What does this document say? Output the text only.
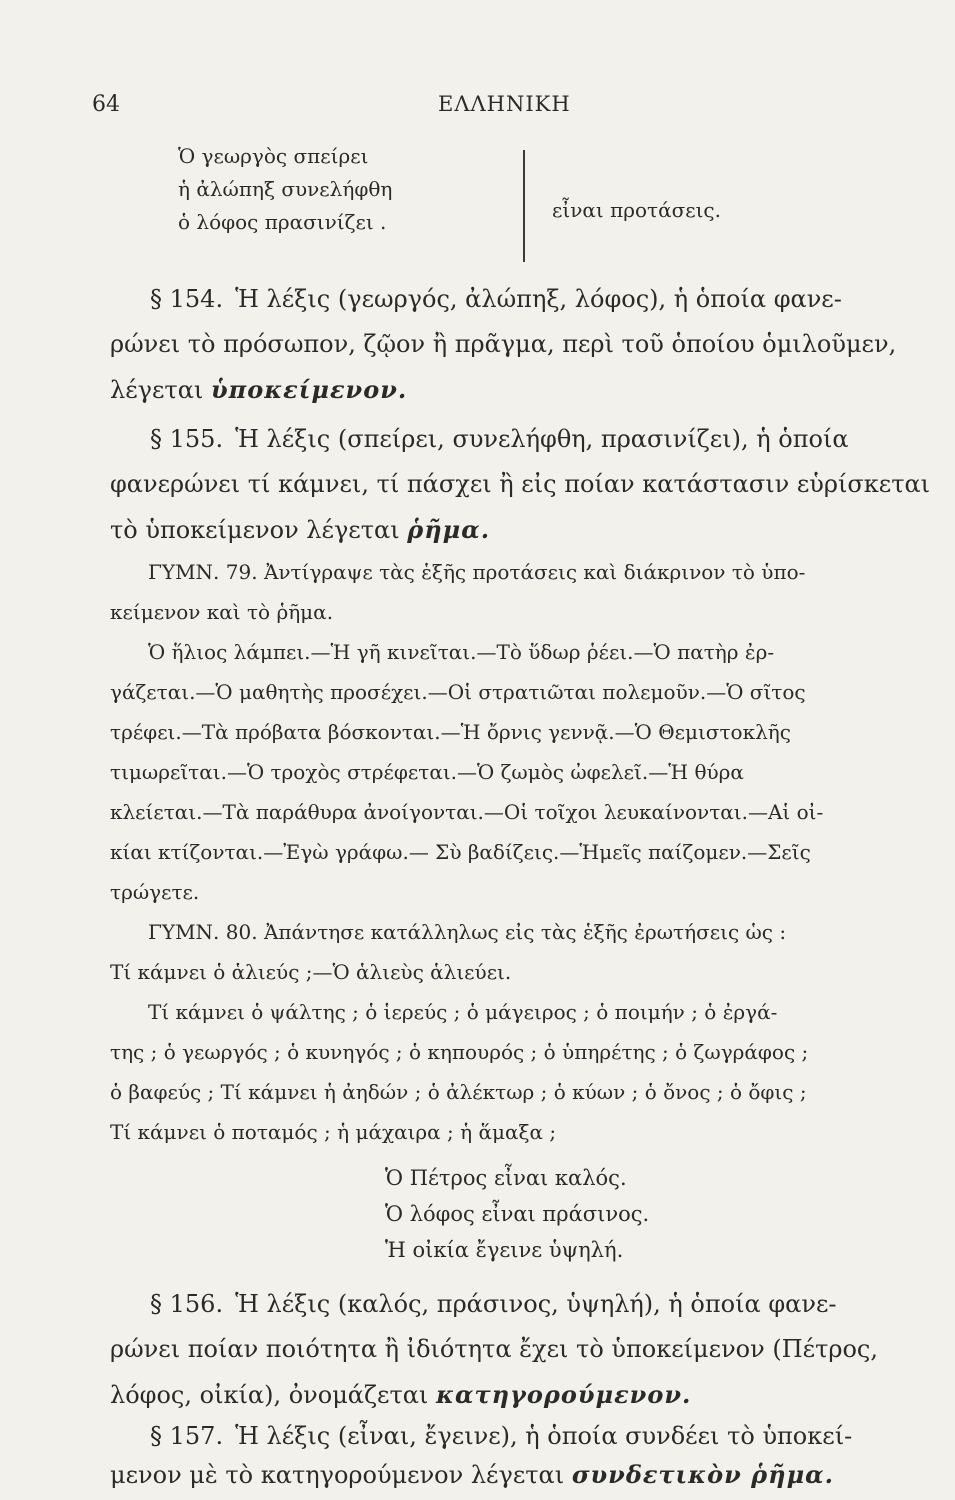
64	ΕΛΛΗΝΙΚΗ
Ὁ γεωργὸς σπείρει
ἡ ἀλώπηξ συνελήφθη
ὁ λόφος πρασινίζει .	εἶναι προτάσεις.
§ 154. Ἡ λέξις (γεωργός, ἀλώπηξ, λόφος), ἡ ὁποία φανε-
ρώνει τὸ πρόσωπον, ζῷον ἢ πρᾶγμα, περὶ τοῦ ὁποίου ὁμιλοῦμεν,
λέγεται ὑποκείμενον.
§ 155. Ἡ λέξις (σπείρει, συνελήφθη, πρασινίζει), ἡ ὁποία
φανερώνει τί κάμνει, τί πάσχει ἢ εἰς ποίαν κατάστασιν εὑρίσκεται
τὸ ὑποκείμενον λέγεται ῥῆμα.
ΓΥΜΝ. 79. Ἀντίγραψε τὰς ἑξῆς προτάσεις καὶ διάκρινον τὸ ὑπο-
κείμενον καὶ τὸ ῥῆμα.
Ὁ ἥλιος λάμπει.—Ἡ γῆ κινεῖται.—Τὸ ὕδωρ ῥέει.—Ὁ πατὴρ ἐρ-
γάζεται.—Ὁ μαθητὴς προσέχει.—Οἱ στρατιῶται πολεμοῦν.—Ὁ σῖτος
τρέφει.—Τὰ πρόβατα βόσκονται.—Ἡ ὄρνις γεννᾷ.—Ὁ Θεμιστοκλῆς
τιμωρεῖται.—Ὁ τροχὸς στρέφεται.—Ὁ ζωμὸς ὠφελεῖ.—Ἡ θύρα
κλείεται.—Τὰ παράθυρα ἀνοίγονται.—Οἱ τοῖχοι λευκαίνονται.—Αἱ οἰ-
κίαι κτίζονται.—Ἐγὼ γράφω.— Σὺ βαδίζεις.—Ἡμεῖς παίζομεν.—Σεῖς
τρώγετε.
ΓΥΜΝ. 80. Ἀπάντησε κατάλληλως εἰς τὰς ἑξῆς ἐρωτήσεις ὡς :
Τί κάμνει ὁ ἁλιεύς ;—Ὁ ἁλιεὺς ἁλιεύει.
Τί κάμνει ὁ ψάλτης ; ὁ ἱερεύς ; ὁ μάγειρος ; ὁ ποιμήν ; ὁ ἐργά-
της ; ὁ γεωργός ; ὁ κυνηγός ; ὁ κηπουρός ; ὁ ὑπηρέτης ; ὁ ζωγράφος ;
ὁ βαφεύς ; Τί κάμνει ἡ ἀηδών ; ὁ ἀλέκτωρ ; ὁ κύων ; ὁ ὄνος ; ὁ ὄφις ;
Τί κάμνει ὁ ποταμός ; ἡ μάχαιρα ; ἡ ἅμαξα ;
Ὁ Πέτρος εἶναι καλός.
Ὁ λόφος εἶναι πράσινος.
Ἡ οἰκία ἔγεινε ὑψηλή.
§ 156. Ἡ λέξις (καλός, πράσινος, ὑψηλή), ἡ ὁποία φανε-
ρώνει ποίαν ποιότητα ἢ ἰδιότητα ἔχει τὸ ὑποκείμενον (Πέτρος,
λόφος, οἰκία), ὀνομάζεται κατηγορούμενον.
§ 157. Ἡ λέξις (εἶναι, ἔγεινε), ἡ ὁποία συνδέει τὸ ὑποκεί-
μενον μὲ τὸ κατηγορούμενον λέγεται συνδετικὸν ῥῆμα.
